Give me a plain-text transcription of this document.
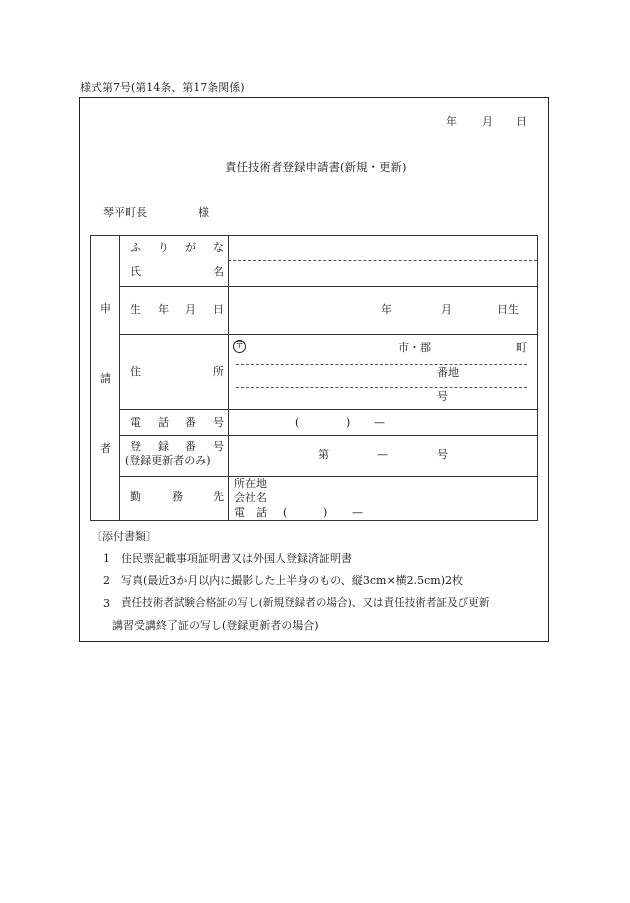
様式第7号(第14条、第17条関係)
年 月 日
責任技術者登録申請書(新規・更新)
琴平町長	様
申
請
者
ふ り が な
氏	名
生 年 月 日	年	月	日生
住	所
〒	市・郡	町
番地
号
電 話 番 号	(	) —
登 録 番 号
(登録更新者のみ)	第	—	号
勤	務	先
所在地
会社名
電　話 (	) —
〔添付書類〕
1 住民票記載事項証明書又は外国人登録済証明書
2 写真(最近3か月以内に撮影した上半身のもの、縦3cm×横2.5cm)2枚
3 責任技術者試験合格証の写し(新規登録者の場合)、又は責任技術者証及び更新
講習受講終了証の写し(登録更新者の場合)
